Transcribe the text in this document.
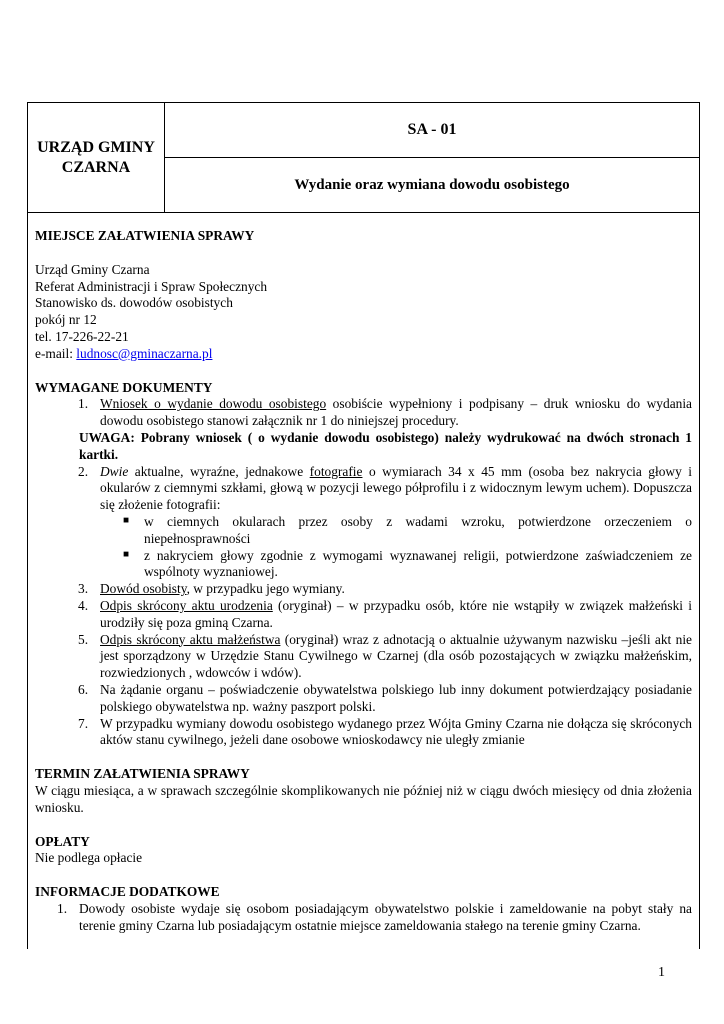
URZĄD GMINY
CZARNA
SA - 01
Wydanie oraz wymiana dowodu osobistego

MIEJSCE ZAŁATWIENIA SPRAWY

Urząd Gminy Czarna

Referat Administracji i Spraw Społecznych

Stanowisko ds. dowodów osobistych

pokój nr 12

tel. 17-226-22-21

e-mail: ludnosc@gminaczarna.pl

WYMAGANE DOKUMENTY

1. Wniosek o wydanie dowodu osobistego osobiście wypełniony i podpisany – druk wniosku do wydania dowodu osobistego stanowi załącznik nr 1 do niniejszej procedury.

UWAGA: Pobrany wniosek ( o wydanie dowodu osobistego) należy wydrukować na dwóch stronach 1 kartki.

2. Dwie aktualne, wyraźne, jednakowe fotografie o wymiarach 34 x 45 mm (osoba bez nakrycia głowy i okularów z ciemnymi szkłami, głową w pozycji lewego półprofilu i z widocznym lewym uchem). Dopuszcza się złożenie fotografii:
■ w ciemnych okularach przez osoby z wadami wzroku, potwierdzone orzeczeniem o niepełnosprawności
■ z nakryciem głowy zgodnie z wymogami wyznawanej religii, potwierdzone zaświadczeniem ze wspólnoty wyznaniowej.
3. Dowód osobisty, w przypadku jego wymiany.
4. Odpis skrócony aktu urodzenia (oryginał) – w przypadku osób, które nie wstąpiły w związek małżeński i urodziły się poza gminą Czarna.
5. Odpis skrócony aktu małżeństwa (oryginał) wraz z adnotacją o aktualnie używanym nazwisku –jeśli akt nie jest sporządzony w Urzędzie Stanu Cywilnego w Czarnej (dla osób pozostających w związku małżeńskim, rozwiedzionych , wdowców i wdów).
6. Na żądanie organu – poświadczenie obywatelstwa polskiego lub inny dokument potwierdzający posiadanie polskiego obywatelstwa np. ważny paszport polski.
7. W przypadku wymiany dowodu osobistego wydanego przez Wójta Gminy Czarna nie dołącza się skróconych aktów stanu cywilnego, jeżeli dane osobowe wnioskodawcy nie uległy zmianie

TERMIN ZAŁATWIENIA SPRAWY

W ciągu miesiąca, a w sprawach szczególnie skomplikowanych nie później niż w ciągu dwóch miesięcy od dnia złożenia wniosku.

OPŁATY

Nie podlega opłacie

INFORMACJE DODATKOWE

1. Dowody osobiste wydaje się osobom posiadającym obywatelstwo polskie i zameldowanie na pobyt stały na terenie gminy Czarna lub posiadającym ostatnie miejsce zameldowania stałego na terenie gminy Czarna.
1
